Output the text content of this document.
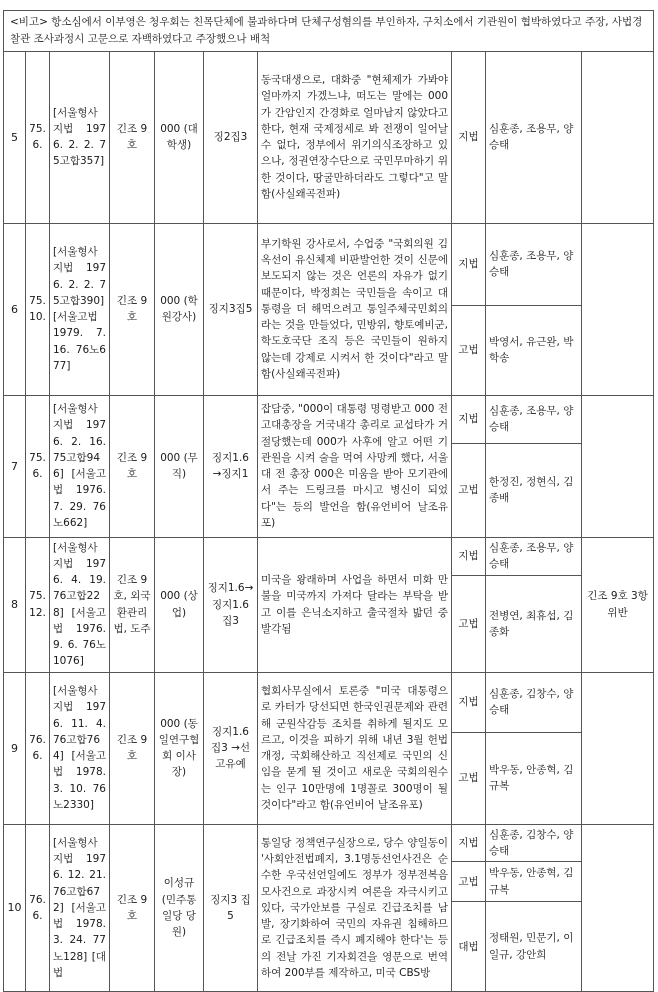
<비고> 항소심에서 이부영은 청우회는 친목단체에 불과하다며 단체구성혐의를 부인하자, 구치소에서 기관원이 협박하였다고 주장, 사법경찰관 조사과정시 고문으로 자백하였다고 주장했으나 배척									
5	75. 6.	[서울형사지법 1976. 2. 2. 75고합357]	긴조 9호	000 (대학생)	징2집3	동국대생으로, 대화중 "현체제가 가봐야 얼마까지 가겠느냐, 떠도는 말에는 000가 간암인지 간경화로 얼마남지 않았다고 한다, 현재 국제정세로 봐 전쟁이 일어날 수 없다, 정부에서 위기의식조장하고 있으나, 정권연장수단으로 국민무마하기 위한 것이다, 땅굴만하더라도 그렇다"고 말함(사실왜곡전파)	지법	심훈종, 조용무, 양승태	
6	75. 10.	[서울형사지법 1976. 2. 2. 75고합390] [서울고법 1979. 7. 16. 76노677]	긴조 9호	000 (학원강사)	징지3집5	부기학원 강사로서, 수업중 "국회의원 김옥선이 유신체제 비판발언한 것이 신문에 보도되지 않는 것은 언론의 자유가 없기 때문이다, 박정희는 국민들을 속이고 대통령을 더 해먹으려고 통일주체국민회의라는 것을 만들었다, 민방위, 향토예비군, 학도호국단 조직 등은 국민들이 원하지 않는데 강제로 시켜서 한 것이다"라고 말함(사실왜곡전파)	지법	심훈종, 조용무, 양승태	
							고법	박영서, 유근완, 박학송	
7	75. 6.	[서울형사지법 1976. 2. 16. 75고합946] [서울고법 1976. 7. 29. 76노662]	긴조 9호	000 (무직)	징지1.6 →징지1	잡담중, "000이 대통령 명령받고 000 전 고대총장을 거국내각 총리로 교섭타가 거절당했는데 000가 사후에 알고 어떤 기관원을 시켜 술을 먹여 사망케 했다, 서울대 전 총장 000은 미움을 받아 모기관에서 주는 드링크를 마시고 병신이 되었다"는 등의 발언을 함(유언비어 날조유포)	지법	심훈종, 조용무, 양승태	
							고법	한정진, 정현식, 김종배	
8	75. 12.	[서울형사지법 1976. 4. 19. 76고합228] [서울고법 1976. 9. 6. 76노1076]	긴조 9호, 외국환관리법, 도주	000 (상업)	징지1.6→ 징지1.6집3	미국을 왕래하며 사업을 하면서 미화 만불을 미국까지 가져다 달라는 부탁을 받고 이를 은닉소지하고 출국절차 밟던 중 발각됨	지법	심훈종, 조용무, 양승태	긴조 9호 3항 위반
							고법	전병연, 최휴섭, 김종화	
9	76. 6.	[서울형사지법 1976. 11. 4. 76고합764] [서울고법 1978. 3. 10. 76노2330]	긴조 9호	000 (동일연구협회 이사장)	징지1.6집3 →선고유예	협회사무실에서 토론중 "미국 대통령으로 카터가 당선되면 한국인권문제와 관련해 군원삭감등 조치를 취하게 될지도 모르고, 이것을 피하기 위해 내년 3월 헌법개정, 국회해산하고 직선제로 국민의 신임을 묻게 될 것이고 새로운 국회의원수는 인구 10만명에 1명꼴로 300명이 될 것이다"라고 함(유언비어 날조유포)	지법	심훈종, 김창수, 양승태	
							고법	박우동, 안종혁, 김규복	
10	76. 6.	[서울형사지법 1976. 12. 21. 76고합672] [서울고법 1978. 3. 24. 77노128] [대법	긴조 9호	이성규 (민주통일당 당원)	징지3 집5	통일당 정책연구실장으로, 당수 양일동이 '사회안전법폐지, 3.1명동선언사건은 순수한 우국선언일예도 정부가 정부전복음모사건으로 과장시켜 여론을 자극시키고 있다, 국가안보를 구실로 긴급조치를 남발, 장기화하여 국민의 자유권 침해하므로 긴급조치를 즉시 폐지해야 한다'는 등의 전날 가진 기자회견을 영문으로 번역하여 200부를 제작하고, 미국 CBS방	지법	심훈종, 김창수, 양승태	
							고법	박우동, 안종혁, 김규복	
							대법	정태원, 민문기, 이일규, 강안희	
